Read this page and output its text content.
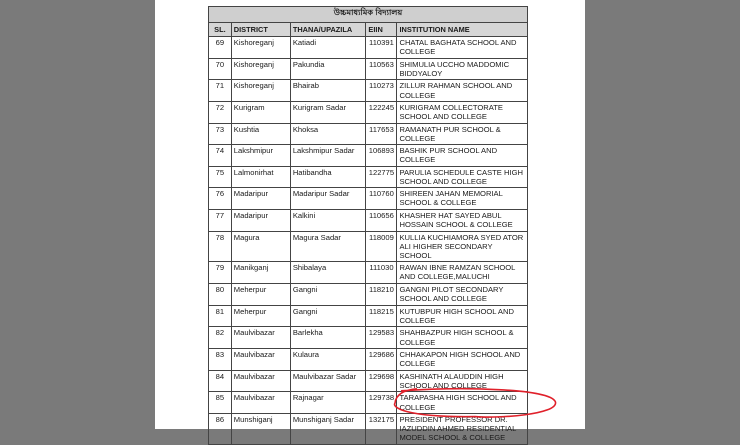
উচ্চমাধ্যমিক বিদ্যালয়				
SL.	DISTRICT	THANA/UPAZILA	EIIN	INSTITUTION NAME
69	Kishoreganj	Katiadi	110391	CHATAL BAGHATA SCHOOL AND COLLEGE
70	Kishoreganj	Pakundia	110563	SHIMULIA UCCHO MADDOMIC BIDDYALOY
71	Kishoreganj	Bhairab	110273	ZILLUR RAHMAN SCHOOL AND COLLEGE
72	Kurigram	Kurigram Sadar	122245	KURIGRAM COLLECTORATE SCHOOL AND COLLEGE
73	Kushtia	Khoksa	117653	RAMANATH PUR SCHOOL & COLLEGE
74	Lakshmipur	Lakshmipur Sadar	106893	BASHIK PUR SCHOOL AND COLLEGE
75	Lalmonirhat	Hatibandha	122775	PARULIA SCHEDULE CASTE HIGH SCHOOL AND COLLEGE
76	Madaripur	Madaripur Sadar	110760	SHIREEN JAHAN MEMORIAL SCHOOL & COLLEGE
77	Madaripur	Kalkini	110656	KHASHER HAT SAYED ABUL HOSSAIN SCHOOL & COLLEGE
78	Magura	Magura Sadar	118009	KULLIA KUCHIAMORA SYED ATOR ALI HIGHER SECONDARY SCHOOL
79	Manikganj	Shibalaya	111030	RAWAN IBNE RAMZAN SCHOOL AND COLLEGE,MALUCHI
80	Meherpur	Gangni	118210	GANGNI PILOT SECONDARY SCHOOL AND COLLEGE
81	Meherpur	Gangni	118215	KUTUBPUR HIGH SCHOOL AND COLLEGE
82	Maulvibazar	Barlekha	129583	SHAHBAZPUR HIGH SCHOOL & COLLEGE
83	Maulvibazar	Kulaura	129686	CHHAKAPON HIGH SCHOOL AND COLLEGE
84	Maulvibazar	Maulvibazar Sadar	129698	KASHINATH ALAUDDIN HIGH SCHOOL AND COLLEGE
85	Maulvibazar	Rajnagar	129738	TARAPASHA HIGH SCHOOL AND COLLEGE
86	Munshiganj	Munshiganj Sadar	132175	PRESIDENT PROFESSOR DR. IAZUDDIN AHMED RESIDENTIAL MODEL SCHOOL & COLLEGE
